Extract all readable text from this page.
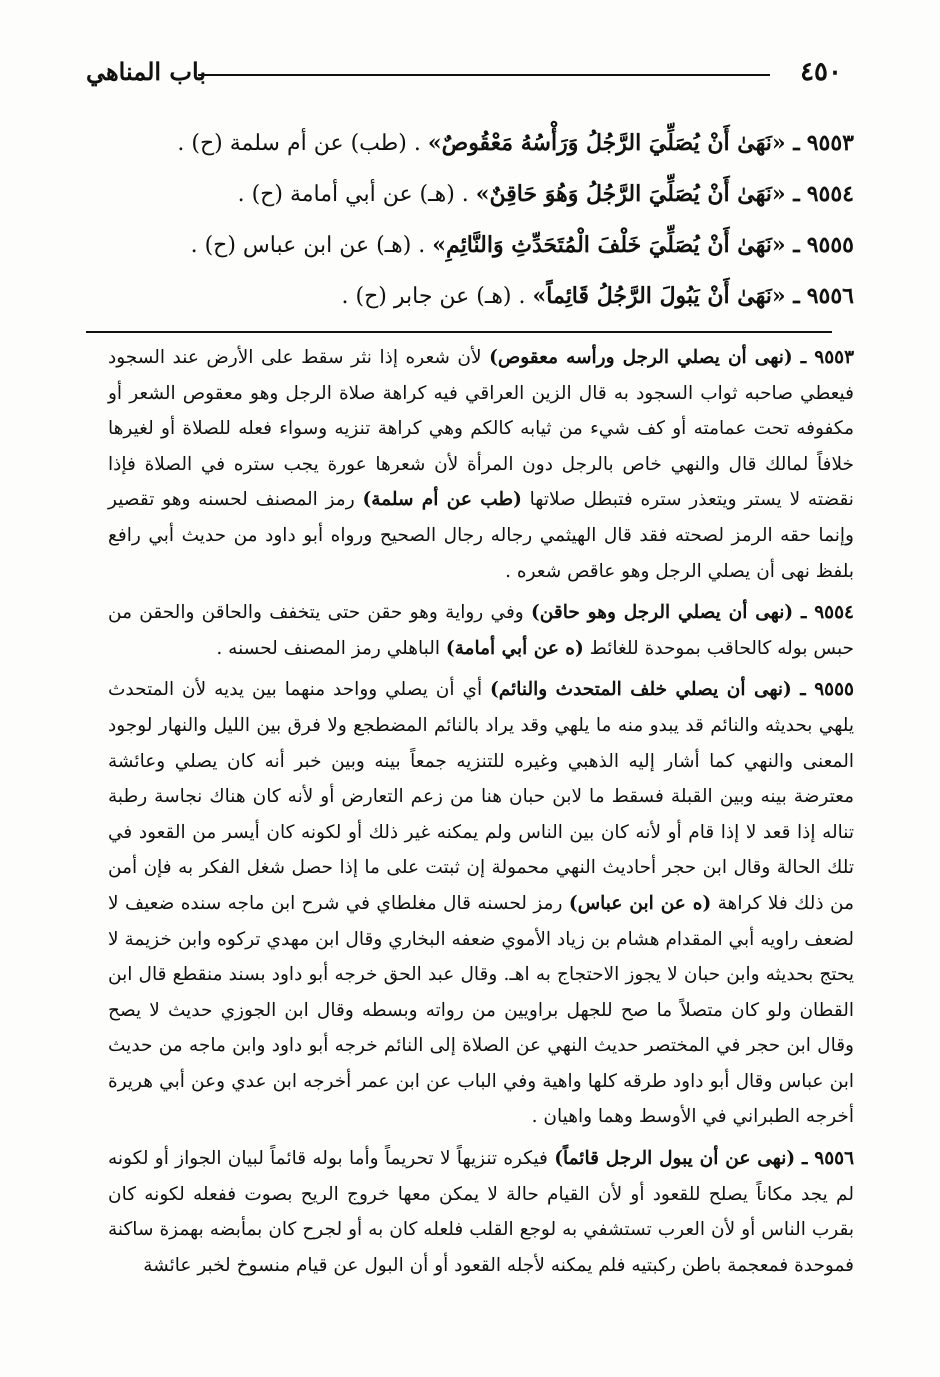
٤٥٠
باب المناهي
٩٥٥٣ ـ «نَهَىٰ أَنْ يُصَلِّيَ الرَّجُلُ وَرَأْسُهُ مَعْقُوصٌ» . (طب) عن أم سلمة (ح) .
٩٥٥٤ ـ «نَهَىٰ أَنْ يُصَلِّيَ الرَّجُلُ وَهُوَ حَاقِنٌ» . (هـ) عن أبي أمامة (ح) .
٩٥٥٥ ـ «نَهَىٰ أَنْ يُصَلِّيَ خَلْفَ الْمُتَحَدِّثِ وَالنَّائِمِ» . (هـ) عن ابن عباس (ح) .
٩٥٥٦ ـ «نَهَىٰ أَنْ يَبُولَ الرَّجُلُ قَائِماً» . (هـ) عن جابر (ح) .

٩٥٥٣ ـ (نهى أن يصلي الرجل ورأسه معقوص) لأن شعره إذا نثر سقط على الأرض عند السجود فيعطي صاحبه ثواب السجود به قال الزين العراقي فيه كراهة صلاة الرجل وهو معقوص الشعر أو مكفوفه تحت عمامته أو كف شيء من ثيابه كالكم وهي كراهة تنزيه وسواء فعله للصلاة أو لغيرها خلافاً لمالك قال والنهي خاص بالرجل دون المرأة لأن شعرها عورة يجب ستره في الصلاة فإذا نقضته لا يستر ويتعذر ستره فتبطل صلاتها (طب عن أم سلمة) رمز المصنف لحسنه وهو تقصير وإنما حقه الرمز لصحته فقد قال الهيثمي رجاله رجال الصحيح ورواه أبو داود من حديث أبي رافع بلفظ نهى أن يصلي الرجل وهو عاقص شعره .

٩٥٥٤ ـ (نهى أن يصلي الرجل وهو حاقن) وفي رواية وهو حقن حتى يتخفف والحاقن والحقن من حبس بوله كالحاقب بموحدة للغائط (ه عن أبي أمامة) الباهلي رمز المصنف لحسنه .

٩٥٥٥ ـ (نهى أن يصلي خلف المتحدث والنائم) أي أن يصلي وواحد منهما بين يديه لأن المتحدث يلهي بحديثه والنائم قد يبدو منه ما يلهي وقد يراد بالنائم المضطجع ولا فرق بين الليل والنهار لوجود المعنى والنهي كما أشار إليه الذهبي وغيره للتنزيه جمعاً بينه وبين خبر أنه كان يصلي وعائشة معترضة بينه وبين القبلة فسقط ما لابن حبان هنا من زعم التعارض أو لأنه كان هناك نجاسة رطبة تناله إذا قعد لا إذا قام أو لأنه كان بين الناس ولم يمكنه غير ذلك أو لكونه كان أيسر من القعود في تلك الحالة وقال ابن حجر أحاديث النهي محمولة إن ثبتت على ما إذا حصل شغل الفكر به فإن أمن من ذلك فلا كراهة (ه عن ابن عباس) رمز لحسنه قال مغلطاي في شرح ابن ماجه سنده ضعيف لا لضعف راويه أبي المقدام هشام بن زياد الأموي ضعفه البخاري وقال ابن مهدي تركوه وابن خزيمة لا يحتج بحديثه وابن حبان لا يجوز الاحتجاج به اهـ. وقال عبد الحق خرجه أبو داود بسند منقطع قال ابن القطان ولو كان متصلاً ما صح للجهل براويين من رواته وبسطه وقال ابن الجوزي حديث لا يصح وقال ابن حجر في المختصر حديث النهي عن الصلاة إلى النائم خرجه أبو داود وابن ماجه من حديث ابن عباس وقال أبو داود طرقه كلها واهية وفي الباب عن ابن عمر أخرجه ابن عدي وعن أبي هريرة أخرجه الطبراني في الأوسط وهما واهيان .

٩٥٥٦ ـ (نهى عن أن يبول الرجل قائماً) فيكره تنزيهاً لا تحريماً وأما بوله قائماً لبيان الجواز أو لكونه لم يجد مكاناً يصلح للقعود أو لأن القيام حالة لا يمكن معها خروج الريح بصوت ففعله لكونه كان بقرب الناس أو لأن العرب تستشفي به لوجع القلب فلعله كان به أو لجرح كان بمأبضه بهمزة ساكنة فموحدة فمعجمة باطن ركبتيه فلم يمكنه لأجله القعود أو أن البول عن قيام منسوخ لخبر عائشة
